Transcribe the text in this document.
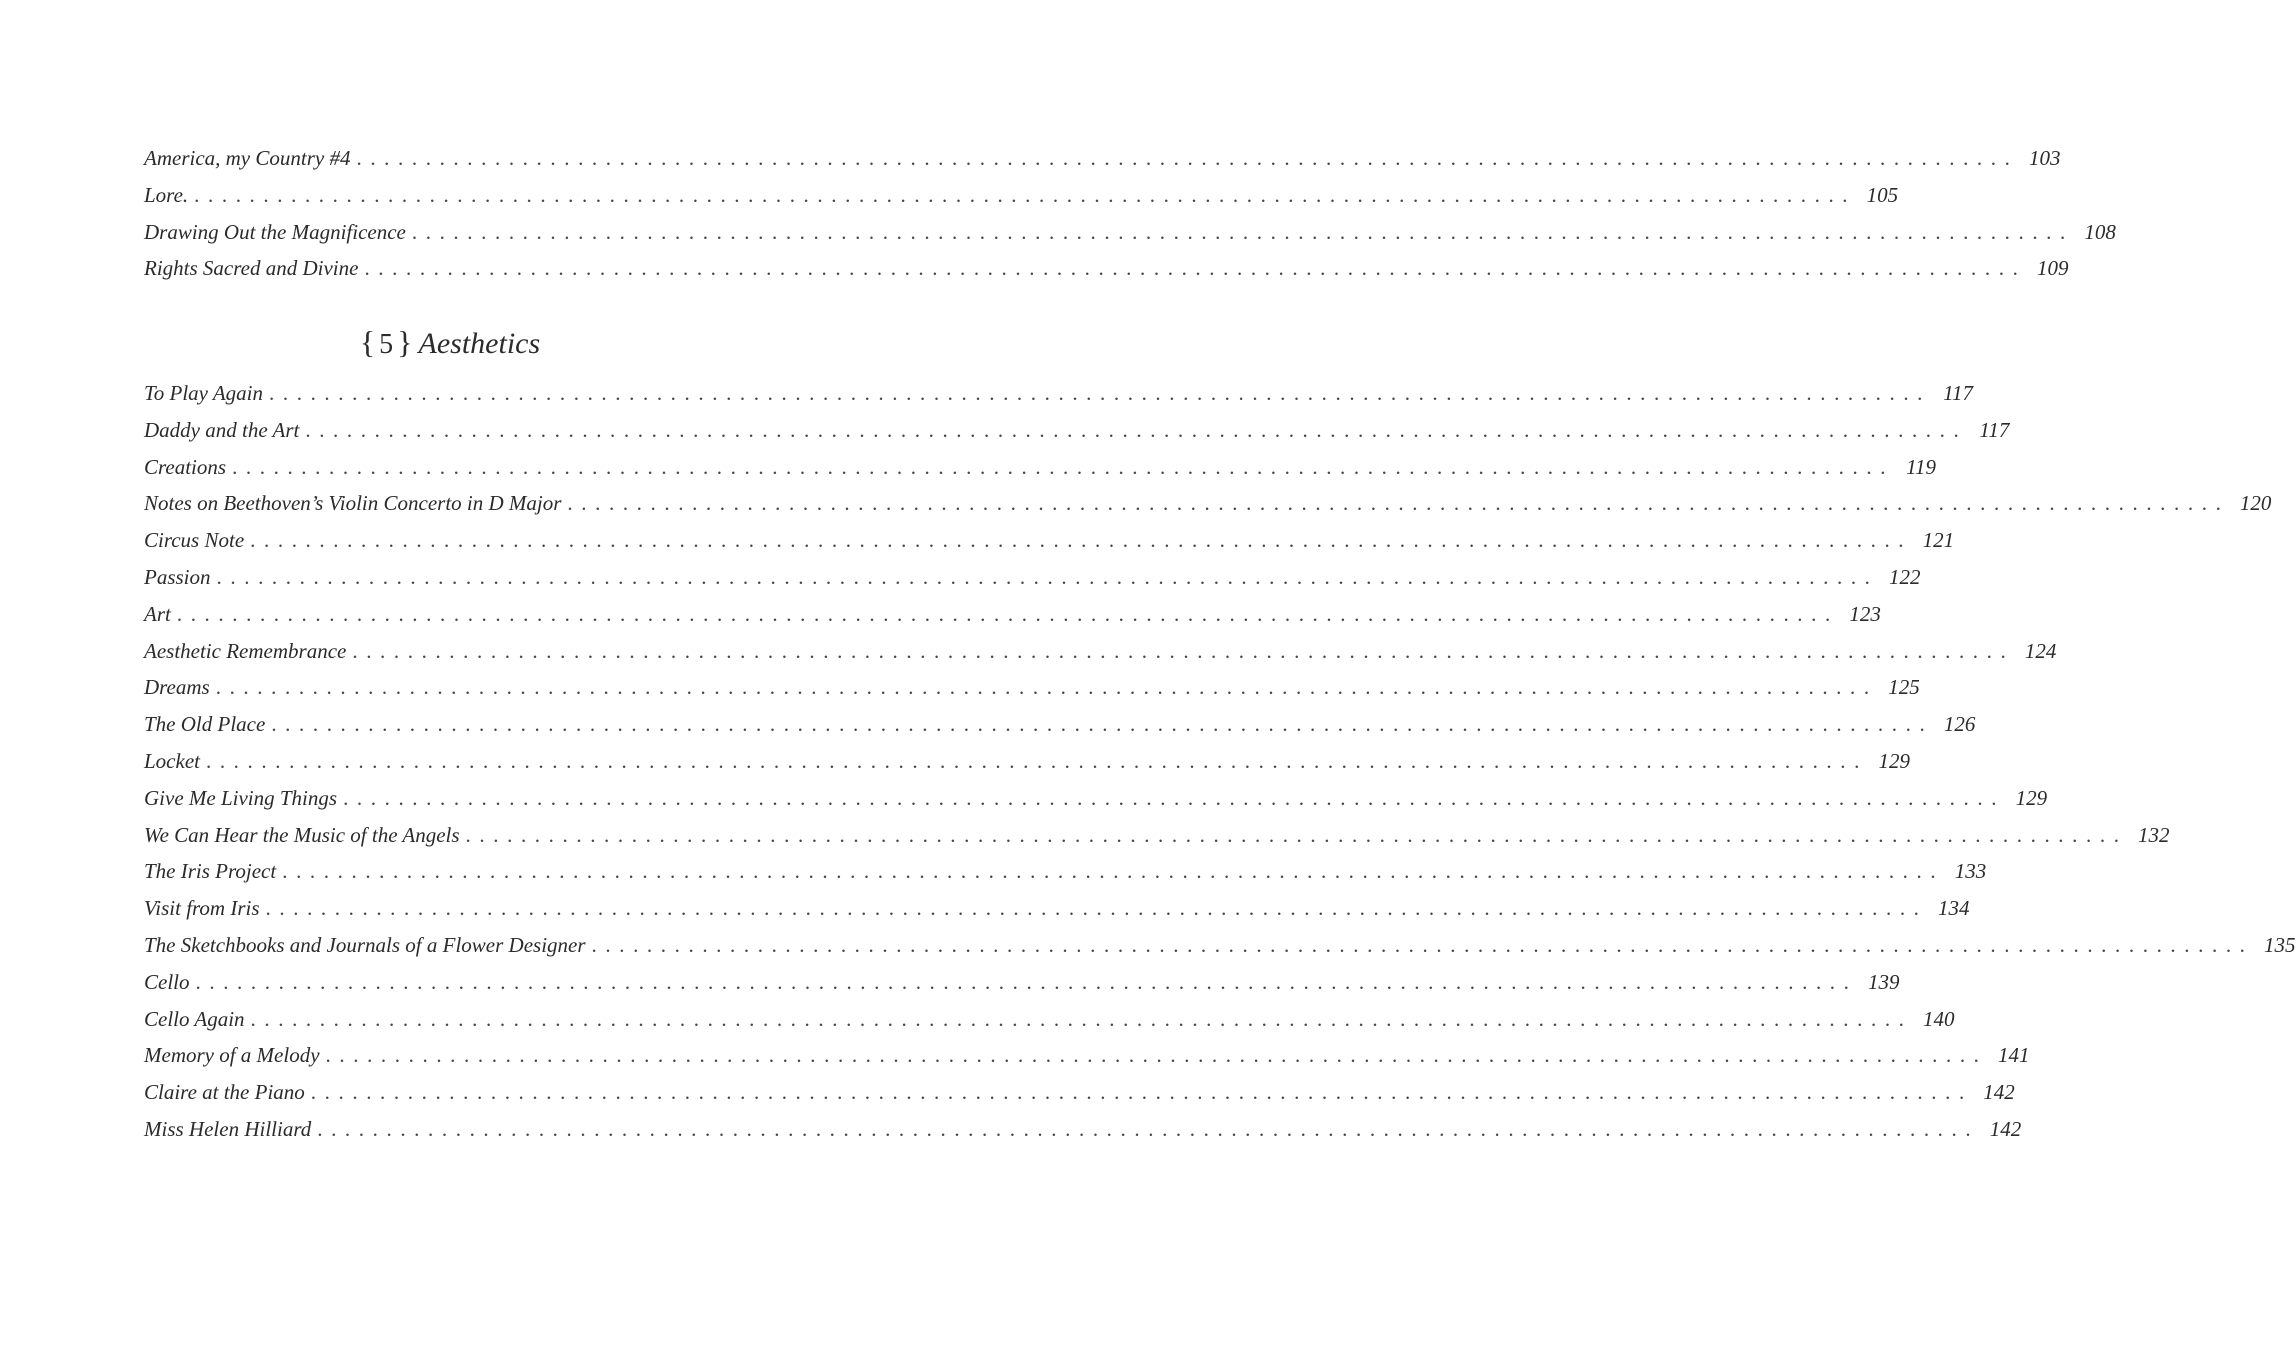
America, my Country #4 ........................................................................................................................ 103
Lore. ........................................................................................................................ 105
Drawing Out the Magnificence ........................................................................................................................ 108
Rights Sacred and Divine ........................................................................................................................ 109
{ 5 } Aesthetics
To Play Again ........................................................................................................................ 117
Daddy and the Art ........................................................................................................................ 117
Creations ........................................................................................................................ 119
Notes on Beethoven’s Violin Concerto in D Major ........................................................................................................................ 120
Circus Note ........................................................................................................................ 121
Passion ........................................................................................................................ 122
Art ........................................................................................................................ 123
Aesthetic Remembrance ........................................................................................................................ 124
Dreams ........................................................................................................................ 125
The Old Place ........................................................................................................................ 126
Locket ........................................................................................................................ 129
Give Me Living Things ........................................................................................................................ 129
We Can Hear the Music of the Angels ........................................................................................................................ 132
The Iris Project ........................................................................................................................ 133
Visit from Iris ........................................................................................................................ 134
The Sketchbooks and Journals of a Flower Designer ........................................................................................................................ 135
Cello ........................................................................................................................ 139
Cello Again ........................................................................................................................ 140
Memory of a Melody ........................................................................................................................ 141
Claire at the Piano ........................................................................................................................ 142
Miss Helen Hilliard ........................................................................................................................ 142
